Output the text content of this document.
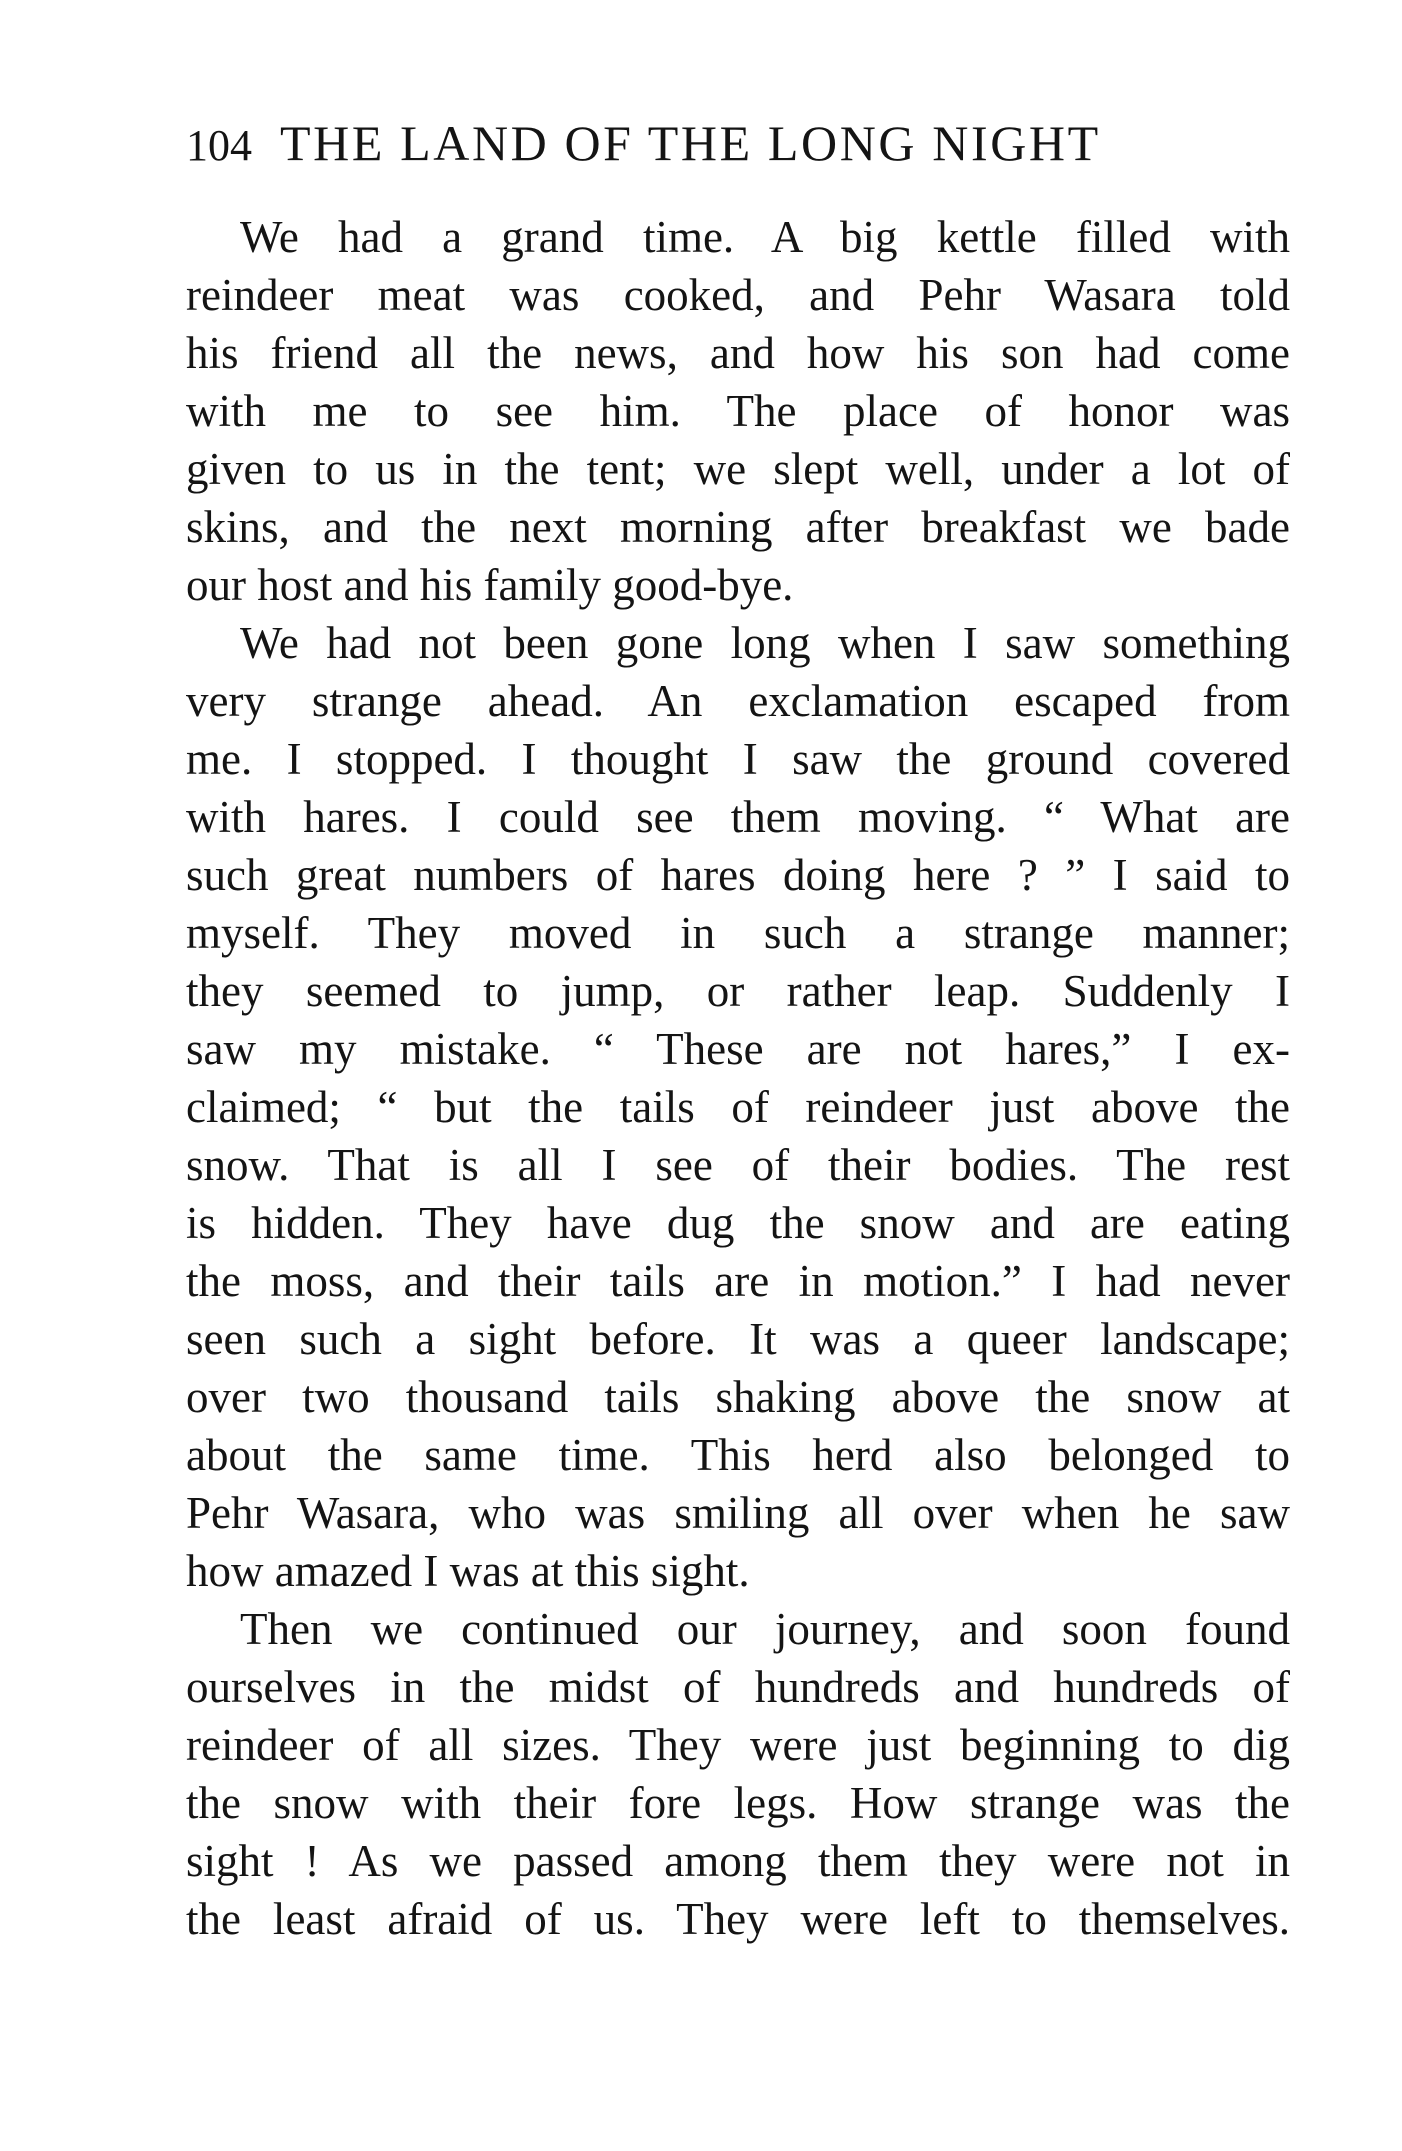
104 THE LAND OF THE LONG NIGHT
We had a grand time. A big kettle filled with
reindeer meat was cooked, and Pehr Wasara told
his friend all the news, and how his son had come
with me to see him. The place of honor was
given to us in the tent; we slept well, under a lot of
skins, and the next morning after breakfast we bade
our host and his family good-bye.
We had not been gone long when I saw something
very strange ahead. An exclamation escaped from
me. I stopped. I thought I saw the ground covered
with hares. I could see them moving. “ What are
such great numbers of hares doing here ? ” I said to
myself. They moved in such a strange manner;
they seemed to jump, or rather leap. Suddenly I
saw my mistake. “ These are not hares,” I ex-
claimed; “ but the tails of reindeer just above the
snow. That is all I see of their bodies. The rest
is hidden. They have dug the snow and are eating
the moss, and their tails are in motion.” I had never
seen such a sight before. It was a queer landscape;
over two thousand tails shaking above the snow at
about the same time. This herd also belonged to
Pehr Wasara, who was smiling all over when he saw
how amazed I was at this sight.
Then we continued our journey, and soon found
ourselves in the midst of hundreds and hundreds of
reindeer of all sizes. They were just beginning to dig
the snow with their fore legs. How strange was the
sight ! As we passed among them they were not in
the least afraid of us. They were left to themselves.
